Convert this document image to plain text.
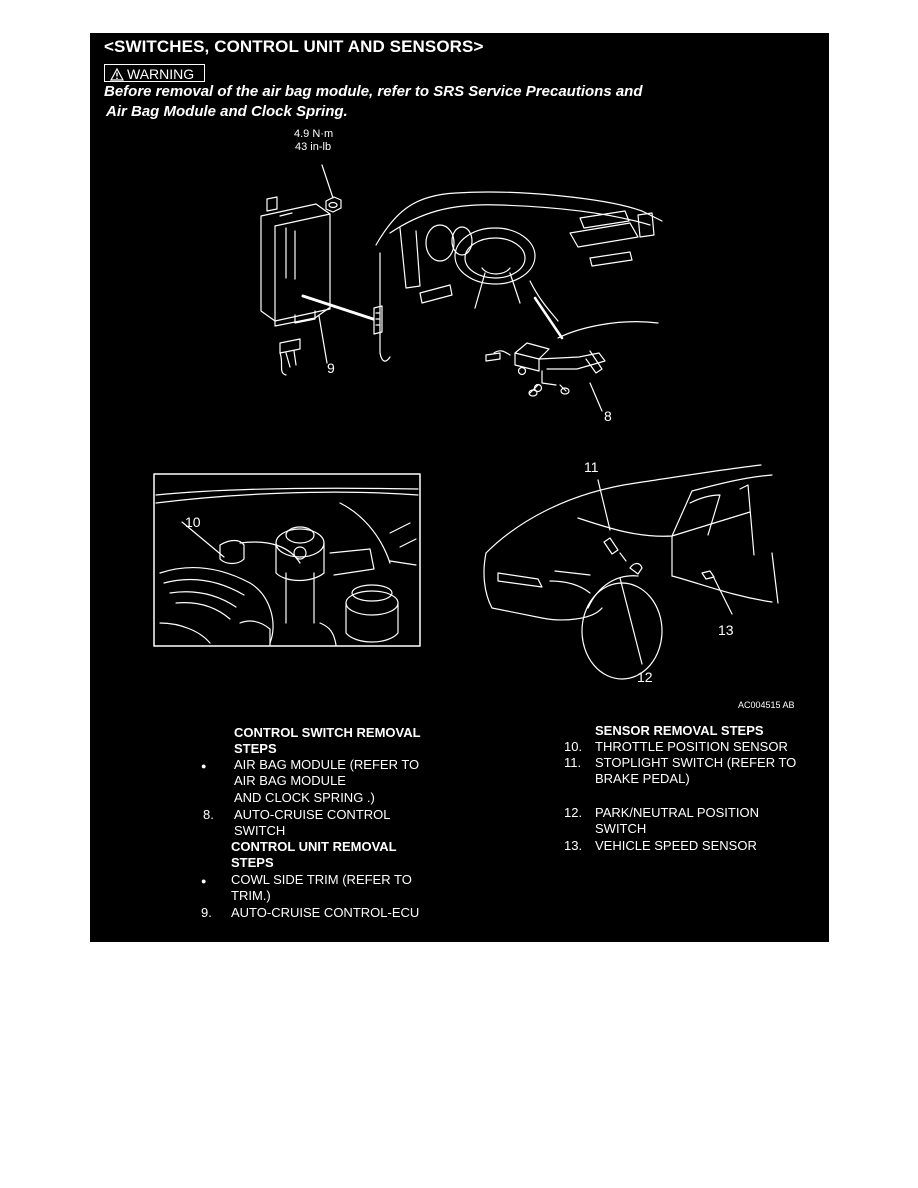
<SWITCHES, CONTROL UNIT AND SENSORS>
WARNING
Before removal of the air bag module, refer to SRS Service Precautions and
Air Bag Module and Clock Spring.
4.9 N·m
43 in-lb
8
9
10
11
12
13
AC004515 AB
CONTROL SWITCH REMOVAL
STEPS
● AIR BAG MODULE (REFER TO
AIR BAG MODULE
AND CLOCK SPRING .)
8. AUTO-CRUISE CONTROL
SWITCH
CONTROL UNIT REMOVAL
STEPS
● COWL SIDE TRIM (REFER TO
TRIM.)
9. AUTO-CRUISE CONTROL-ECU
SENSOR REMOVAL STEPS
10. THROTTLE POSITION SENSOR
11. STOPLIGHT SWITCH (REFER TO
BRAKE PEDAL)
12. PARK/NEUTRAL POSITION
SWITCH
13. VEHICLE SPEED SENSOR
